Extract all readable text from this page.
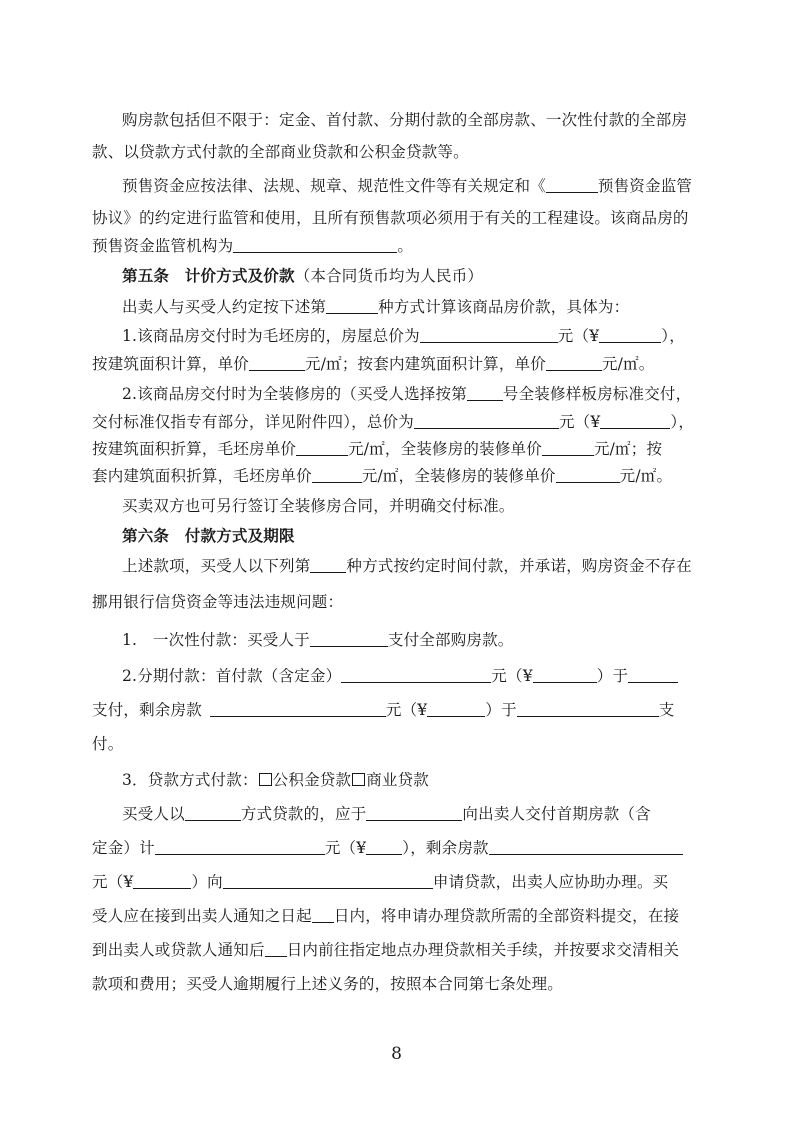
购房款包括但不限于：定金、首付款、分期付款的全部房款、一次性付款的全部房
款、以贷款方式付款的全部商业贷款和公积金贷款等。
预售资金应按法律、法规、规章、规范性文件等有关规定和《	预售资金监管
协议》的约定进行监管和使用，且所有预售款项必须用于有关的工程建设。该商品房的
预售资金监管机构为	。
第五条　计价方式及价款（本合同货币均为人民币）
出卖人与买受人约定按下述第	种方式计算该商品房价款，具体为：
1.该商品房交付时为毛坯房的，房屋总价为	元（¥	），
按建筑面积计算，单价	元/㎡；按套内建筑面积计算，单价	元/㎡。
2.该商品房交付时为全装修房的（买受人选择按第 号全装修样板房标准交付，
交付标准仅指专有部分，详见附件四），总价为	元（¥	），
按建筑面积折算，毛坯房单价	元/㎡，全装修房的装修单价	元/㎡；按
套内建筑面积折算，毛坯房单价	元/㎡，全装修房的装修单价	元/㎡。
买卖双方也可另行签订全装修房合同，并明确交付标准。
第六条　付款方式及期限
上述款项，买受人以下列第 种方式按约定时间付款，并承诺，购房资金不存在
挪用银行信贷资金等违法违规问题：
1.　一次性付款：买受人于	支付全部购房款。
2.分期付款：首付款（含定金）	元（¥	）于
支付，剩余房款	元（¥	）于	支
付。
3．贷款方式付款： 公积金贷款 商业贷款
买受人以	方式贷款的，应于	向出卖人交付首期房款（含
定金）计	元（¥ ），剩余房款
元（¥	）向	申请贷款，出卖人应协助办理。买
受人应在接到出卖人通知之日起 日内，将申请办理贷款所需的全部资料提交，在接
到出卖人或贷款人通知后 日内前往指定地点办理贷款相关手续，并按要求交清相关
款项和费用；买受人逾期履行上述义务的，按照本合同第七条处理。
8
